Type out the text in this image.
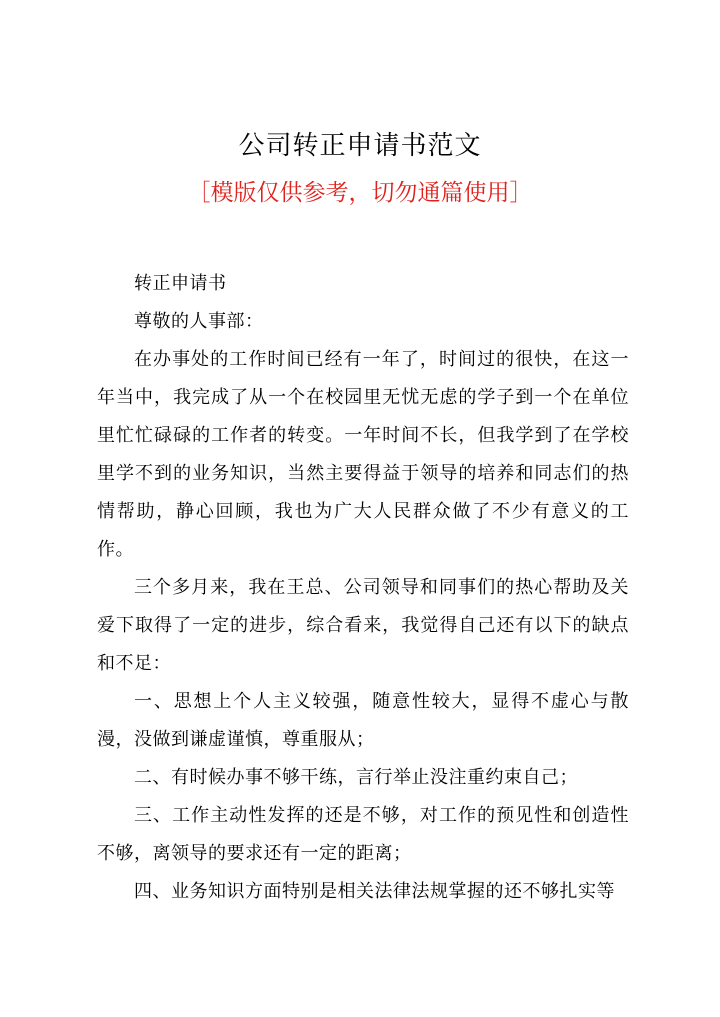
公司转正申请书范文
［模版仅供参考，切勿通篇使用］

转正申请书

尊敬的人事部：

在办事处的工作时间已经有一年了，时间过的很快，在这一年当中，我完成了从一个在校园里无忧无虑的学子到一个在单位里忙忙碌碌的工作者的转变。一年时间不长，但我学到了在学校里学不到的业务知识，当然主要得益于领导的培养和同志们的热情帮助，静心回顾，我也为广大人民群众做了不少有意义的工作。

三个多月来，我在王总、公司领导和同事们的热心帮助及关爱下取得了一定的进步，综合看来，我觉得自己还有以下的缺点和不足：

一、思想上个人主义较强，随意性较大，显得不虚心与散漫，没做到谦虚谨慎，尊重服从；

二、有时候办事不够干练，言行举止没注重约束自己；

三、工作主动性发挥的还是不够，对工作的预见性和创造性不够，离领导的要求还有一定的距离；

四、业务知识方面特别是相关法律法规掌握的还不够扎实等
